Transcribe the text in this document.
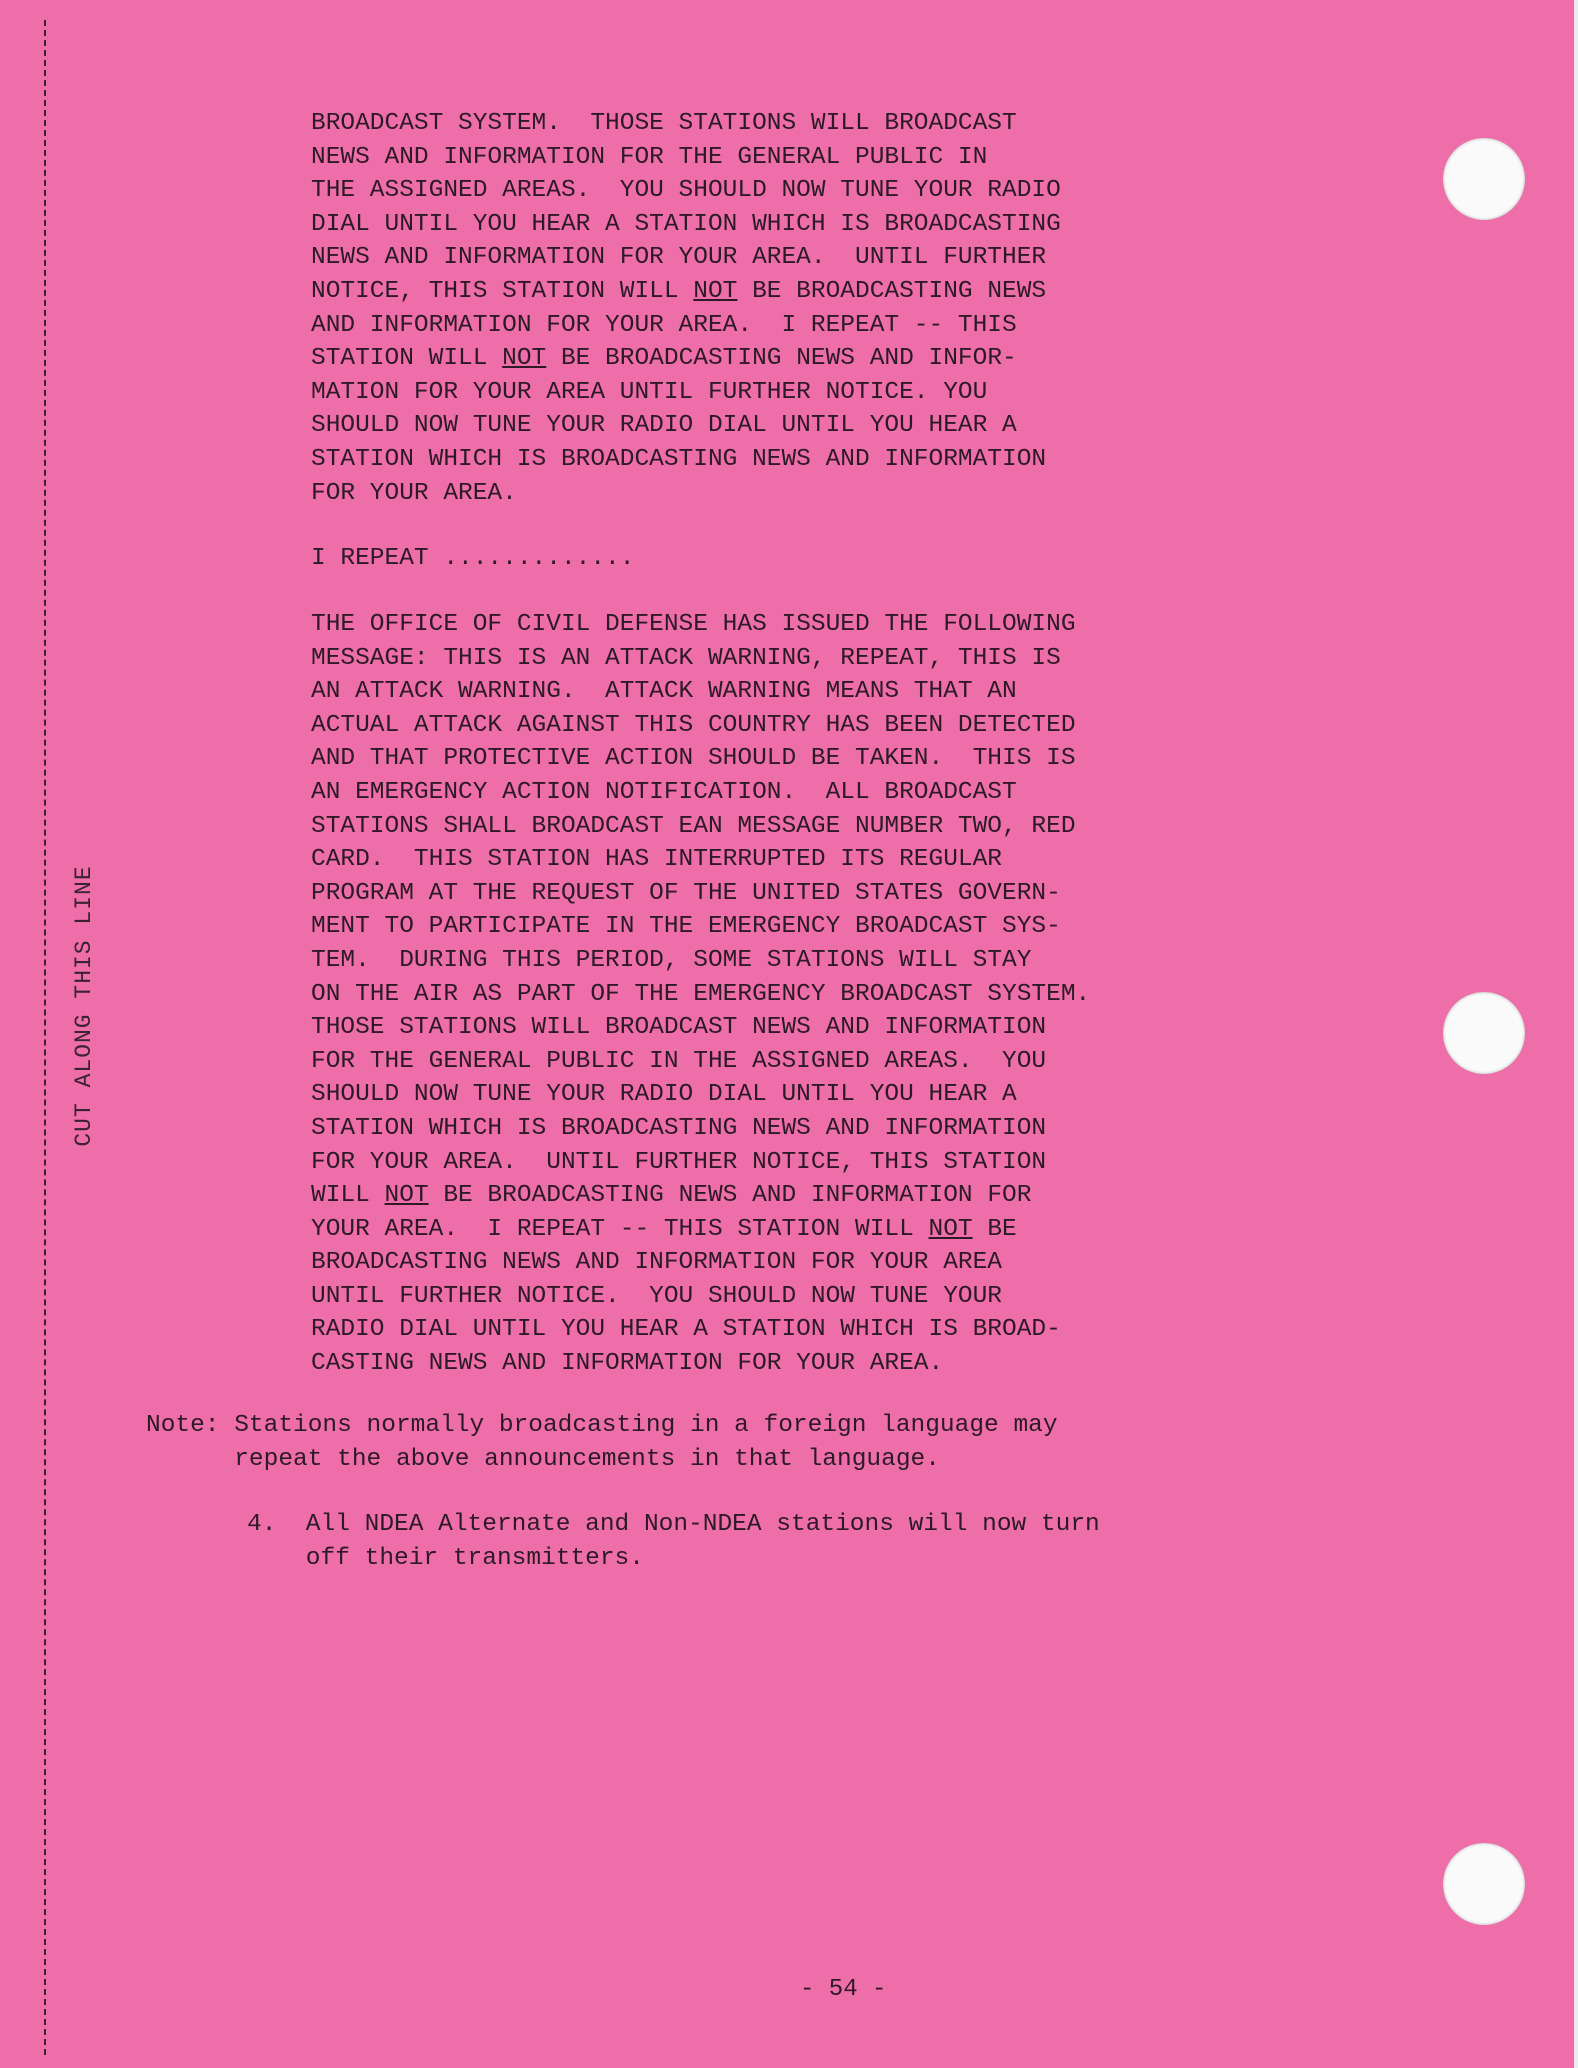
CUT ALONG THIS LINE
BROADCAST SYSTEM.  THOSE STATIONS WILL BROADCAST
NEWS AND INFORMATION FOR THE GENERAL PUBLIC IN
THE ASSIGNED AREAS.  YOU SHOULD NOW TUNE YOUR RADIO
DIAL UNTIL YOU HEAR A STATION WHICH IS BROADCASTING
NEWS AND INFORMATION FOR YOUR AREA.  UNTIL FURTHER
NOTICE, THIS STATION WILL NOT BE BROADCASTING NEWS
AND INFORMATION FOR YOUR AREA.  I REPEAT -- THIS
STATION WILL NOT BE BROADCASTING NEWS AND INFOR-
MATION FOR YOUR AREA UNTIL FURTHER NOTICE. YOU
SHOULD NOW TUNE YOUR RADIO DIAL UNTIL YOU HEAR A
STATION WHICH IS BROADCASTING NEWS AND INFORMATION
FOR YOUR AREA.
I REPEAT .............
THE OFFICE OF CIVIL DEFENSE HAS ISSUED THE FOLLOWING
MESSAGE: THIS IS AN ATTACK WARNING, REPEAT, THIS IS
AN ATTACK WARNING.  ATTACK WARNING MEANS THAT AN
ACTUAL ATTACK AGAINST THIS COUNTRY HAS BEEN DETECTED
AND THAT PROTECTIVE ACTION SHOULD BE TAKEN.  THIS IS
AN EMERGENCY ACTION NOTIFICATION.  ALL BROADCAST
STATIONS SHALL BROADCAST EAN MESSAGE NUMBER TWO, RED
CARD.  THIS STATION HAS INTERRUPTED ITS REGULAR
PROGRAM AT THE REQUEST OF THE UNITED STATES GOVERN-
MENT TO PARTICIPATE IN THE EMERGENCY BROADCAST SYS-
TEM.  DURING THIS PERIOD, SOME STATIONS WILL STAY
ON THE AIR AS PART OF THE EMERGENCY BROADCAST SYSTEM.
THOSE STATIONS WILL BROADCAST NEWS AND INFORMATION
FOR THE GENERAL PUBLIC IN THE ASSIGNED AREAS.  YOU
SHOULD NOW TUNE YOUR RADIO DIAL UNTIL YOU HEAR A
STATION WHICH IS BROADCASTING NEWS AND INFORMATION
FOR YOUR AREA.  UNTIL FURTHER NOTICE, THIS STATION
WILL NOT BE BROADCASTING NEWS AND INFORMATION FOR
YOUR AREA.  I REPEAT -- THIS STATION WILL NOT BE
BROADCASTING NEWS AND INFORMATION FOR YOUR AREA
UNTIL FURTHER NOTICE.  YOU SHOULD NOW TUNE YOUR
RADIO DIAL UNTIL YOU HEAR A STATION WHICH IS BROAD-
CASTING NEWS AND INFORMATION FOR YOUR AREA.
Note: Stations normally broadcasting in a foreign language may
repeat the above announcements in that language.
4.  All NDEA Alternate and Non-NDEA stations will now turn
off their transmitters.
- 54 -
